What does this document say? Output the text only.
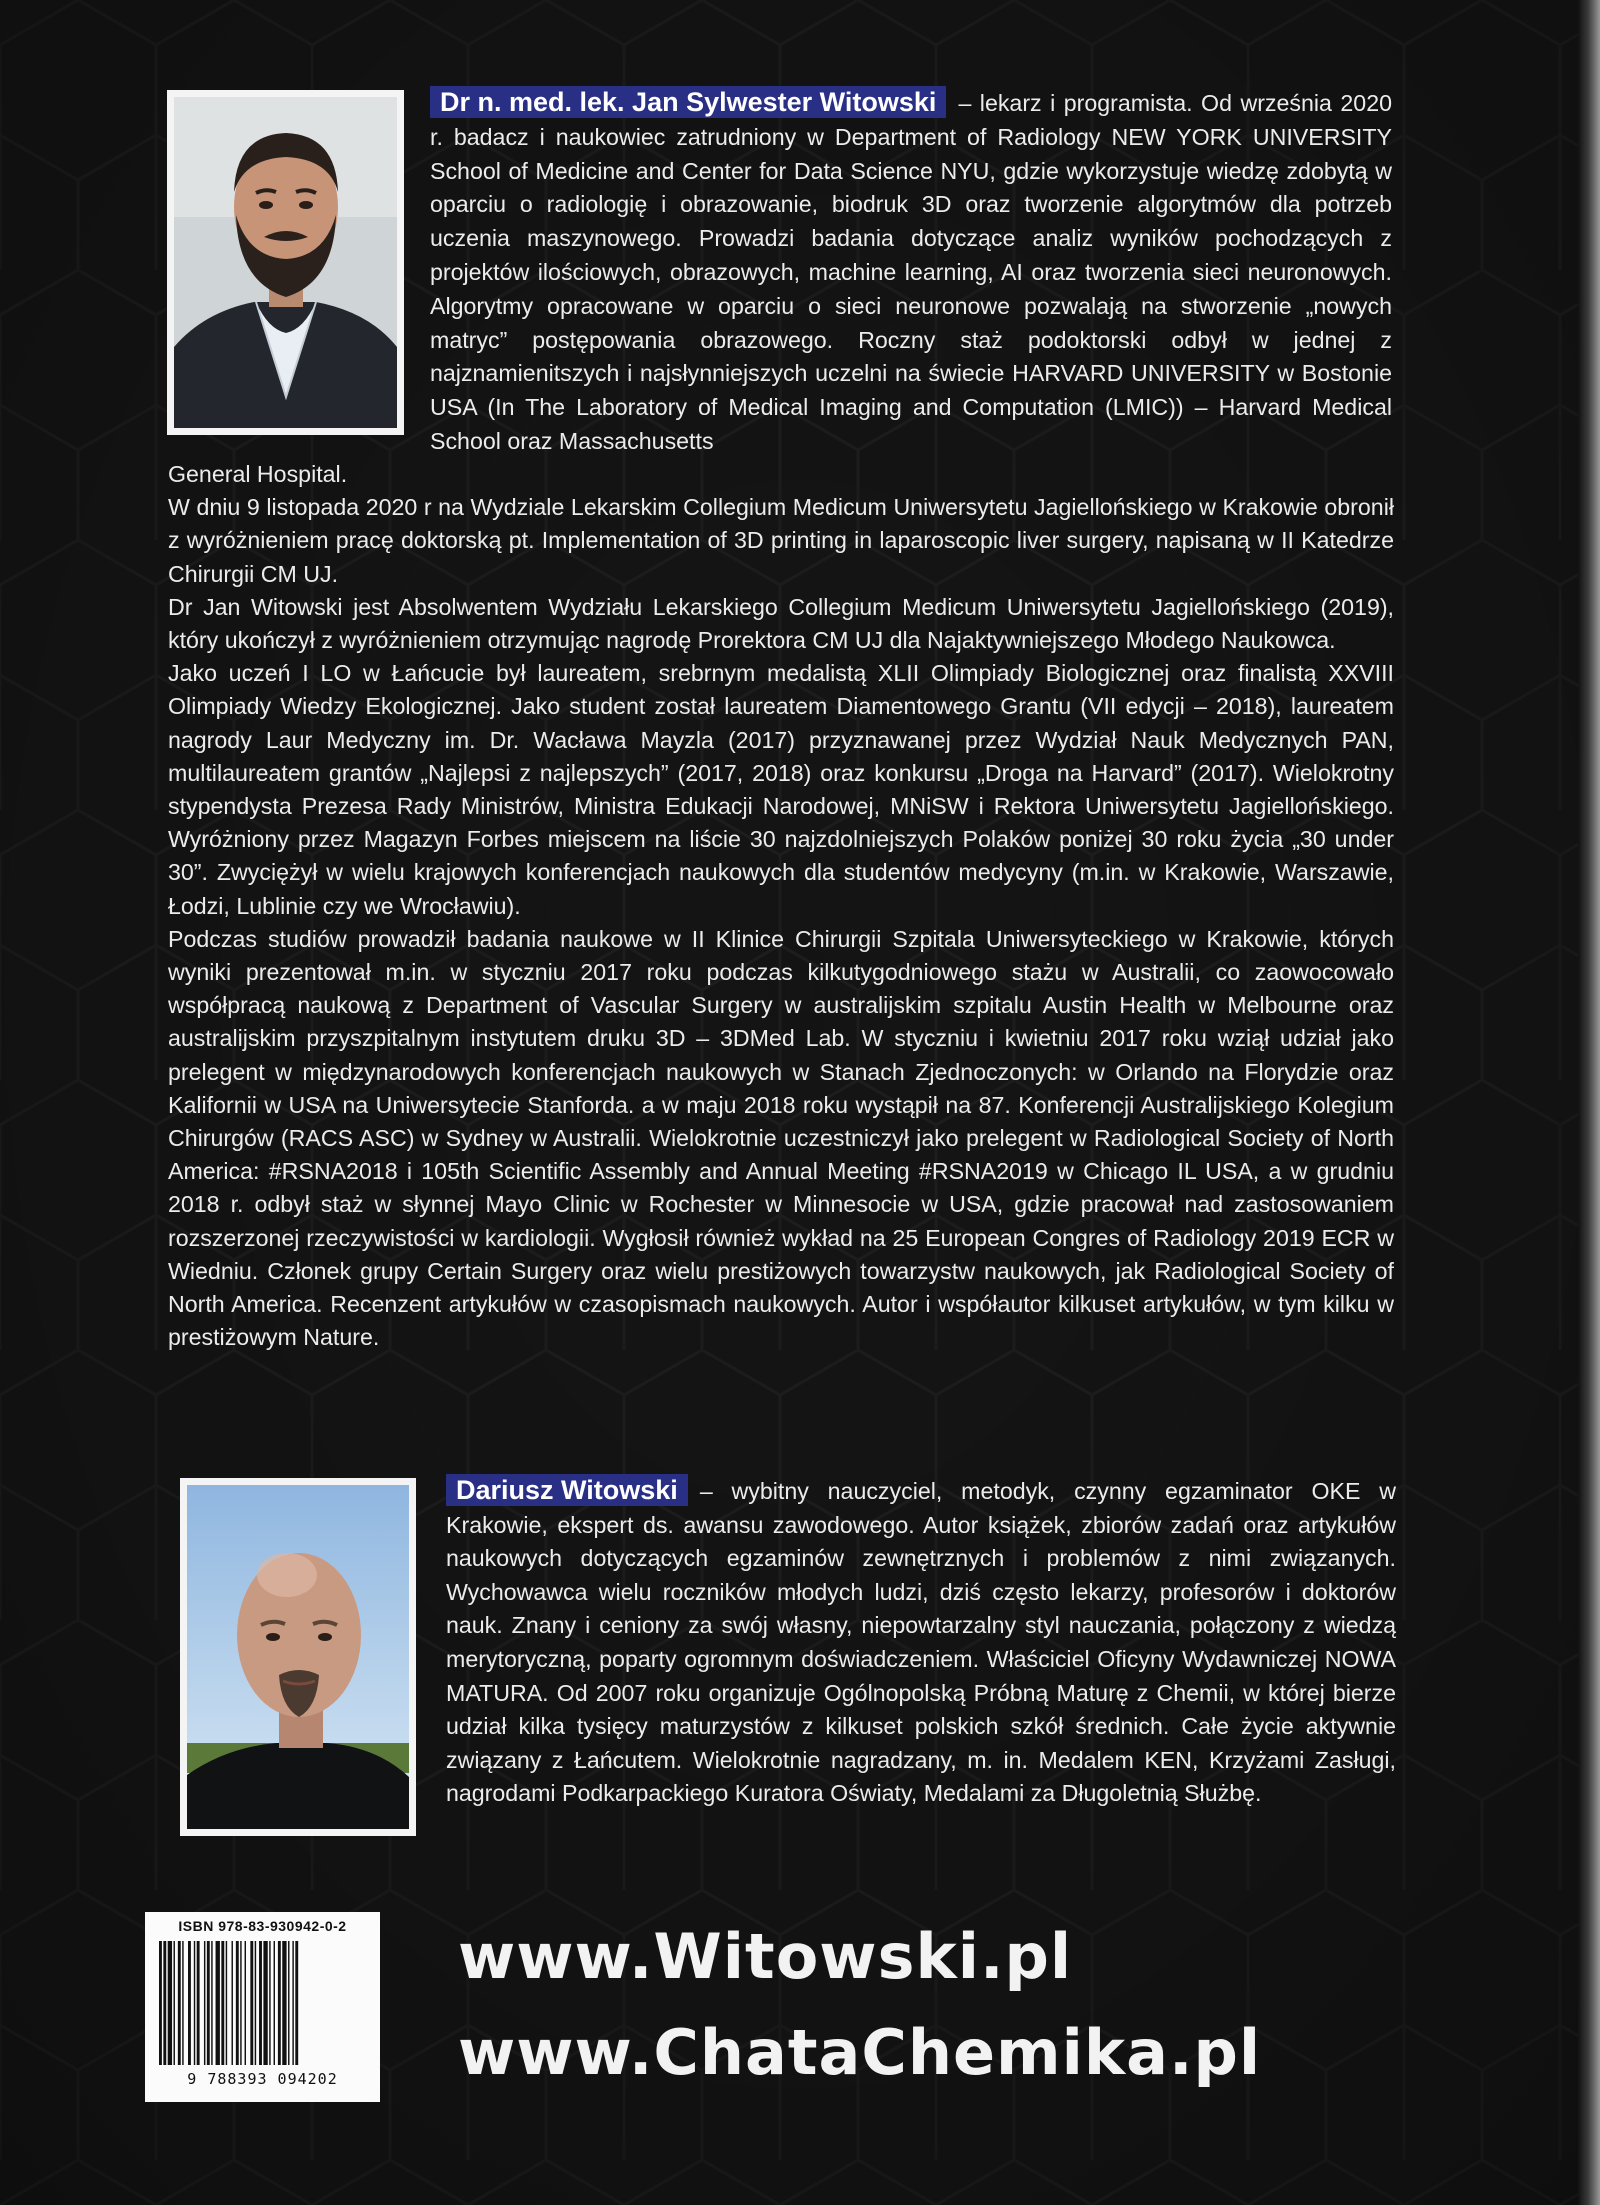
Dr n. med. lek. Jan Sylwester Witowski – lekarz i programista. Od września 2020 r. badacz i naukowiec zatrudniony w Department of Radiology NEW YORK UNIVERSITY School of Medicine and Center for Data Science NYU, gdzie wykorzystuje wiedzę zdobytą w oparciu o radiologię i obrazowanie, biodruk 3D oraz tworzenie algorytmów dla potrzeb uczenia maszynowego. Prowadzi badania dotyczące analiz wyników pochodzących z projektów ilościowych, obrazowych, machine learning, AI oraz tworzenia sieci neuronowych. Algorytmy opracowane w oparciu o sieci neuronowe pozwalają na stworzenie „nowych matryc” postępowania obrazowego. Roczny staż podoktorski odbył w jednej z najznamienitszych i najsłynniejszych uczelni na świecie HARVARD UNIVERSITY w Bostonie USA (In The Laboratory of Medical Imaging and Computation (LMIC)) – Harvard Medical School oraz Massachusetts

General Hospital.

W dniu 9 listopada 2020 r na Wydziale Lekarskim Collegium Medicum Uniwersytetu Jagiellońskiego w Krakowie obronił z wyróżnieniem pracę doktorską pt. Implementation of 3D printing in laparoscopic liver surgery, napisaną w II Katedrze Chirurgii CM UJ.

Dr Jan Witowski jest Absolwentem Wydziału Lekarskiego Collegium Medicum Uniwersytetu Jagiellońskiego (2019), który ukończył z wyróżnieniem otrzymując nagrodę Prorektora CM UJ dla Najaktywniejszego Młodego Naukowca.

Jako uczeń I LO w Łańcucie był laureatem, srebrnym medalistą XLII Olimpiady Biologicznej oraz finalistą XXVIII Olimpiady Wiedzy Ekologicznej. Jako student został laureatem Diamentowego Grantu (VII edycji – 2018), laureatem nagrody Laur Medyczny im. Dr. Wacława Mayzla (2017) przyznawanej przez Wydział Nauk Medycznych PAN, multilaureatem grantów „Najlepsi z najlepszych” (2017, 2018) oraz konkursu „Droga na Harvard” (2017). Wielokrotny stypendysta Prezesa Rady Ministrów, Ministra Edukacji Narodowej, MNiSW i Rektora Uniwersytetu Jagiellońskiego. Wyróżniony przez Magazyn Forbes miejscem na liście 30 najzdolniejszych Polaków poniżej 30 roku życia „30 under 30”. Zwyciężył w wielu krajowych konferencjach naukowych dla studentów medycyny (m.in. w Krakowie, Warszawie, Łodzi, Lublinie czy we Wrocławiu).

Podczas studiów prowadził badania naukowe w II Klinice Chirurgii Szpitala Uniwersyteckiego w Krakowie, których wyniki prezentował m.in. w styczniu 2017 roku podczas kilkutygodniowego stażu w Australii, co zaowocowało współpracą naukową z Department of Vascular Surgery w australijskim szpitalu Austin Health w Melbourne oraz australijskim przyszpitalnym instytutem druku 3D – 3DMed Lab. W styczniu i kwietniu 2017 roku wziął udział jako prelegent w międzynarodowych konferencjach naukowych w Stanach Zjednoczonych: w Orlando na Florydzie oraz Kalifornii w USA na Uniwersytecie Stanforda. a w maju 2018 roku wystąpił na 87. Konferencji Australijskiego Kolegium Chirurgów (RACS ASC) w Sydney w Australii. Wielokrotnie uczestniczył jako prelegent w Radiological Society of North America: #RSNA2018 i 105th Scientific Assembly and Annual Meeting #RSNA2019 w Chicago IL USA, a w grudniu 2018 r. odbył staż w słynnej Mayo Clinic w Rochester w Minnesocie w USA, gdzie pracował nad zastosowaniem rozszerzonej rzeczywistości w kardiologii. Wygłosił również wykład na 25 European Congres of Radiology 2019 ECR w Wiedniu. Członek grupy Certain Surgery oraz wielu prestiżowych towarzystw naukowych, jak Radiological Society of North America. Recenzent artykułów w czasopismach naukowych. Autor i współautor kilkuset artykułów, w tym kilku w prestiżowym Nature.

Dariusz Witowski – wybitny nauczyciel, metodyk, czynny egzaminator OKE w Krakowie, ekspert ds. awansu zawodowego. Autor książek, zbiorów zadań oraz artykułów naukowych dotyczących egzaminów zewnętrznych i problemów z nimi związanych. Wychowawca wielu roczników młodych ludzi, dziś często lekarzy, profesorów i doktorów nauk. Znany i ceniony za swój własny, niepowtarzalny styl nauczania, połączony z wiedzą merytoryczną, poparty ogromnym doświadczeniem. Właściciel Oficyny Wydawniczej NOWA MATURA. Od 2007 roku organizuje Ogólnopolską Próbną Maturę z Chemii, w której bierze udział kilka tysięcy maturzystów z kilkuset polskich szkół średnich. Całe życie aktywnie związany z Łańcutem. Wielokrotnie nagradzany, m. in. Medalem KEN, Krzyżami Zasługi, nagrodami Podkarpackiego Kuratora Oświaty, Medalami za Długoletnią Służbę.
ISBN 978-83-930942-0-2
9 788393 094202
www.Witowski.pl
www.ChataChemika.pl
